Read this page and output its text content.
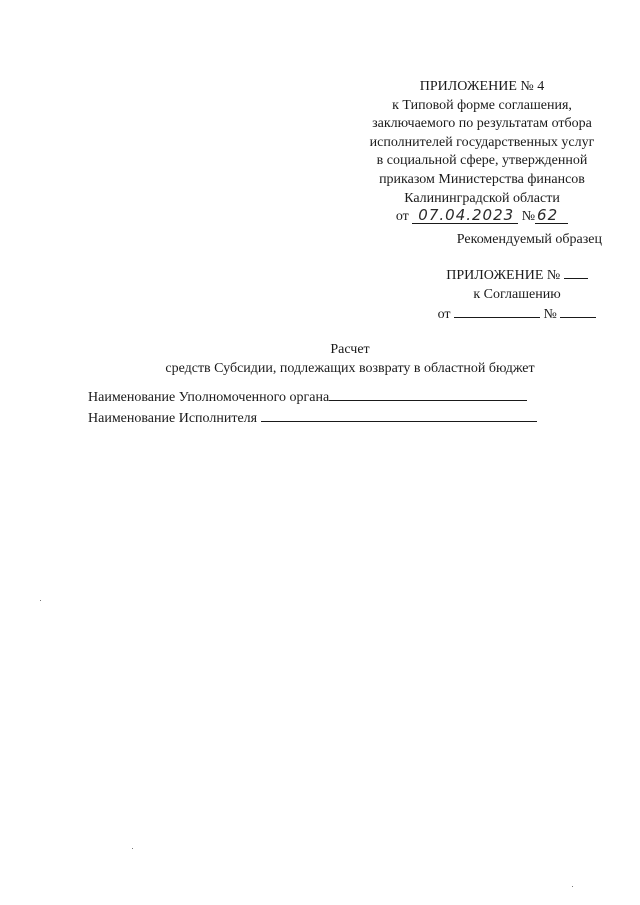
ПРИЛОЖЕНИЕ № 4
к Типовой форме соглашения,
заключаемого по результатам отбора
исполнителей государственных услуг
в социальной сфере, утвержденной
приказом Министерства финансов
Калининградской области
от 07.04.2023 № 62
Рекомендуемый образец
ПРИЛОЖЕНИЕ №
к Соглашению
от	№
Расчет
средств Субсидии, подлежащих возврату в областной бюджет
Наименование Уполномоченного органа
Наименование Исполнителя
